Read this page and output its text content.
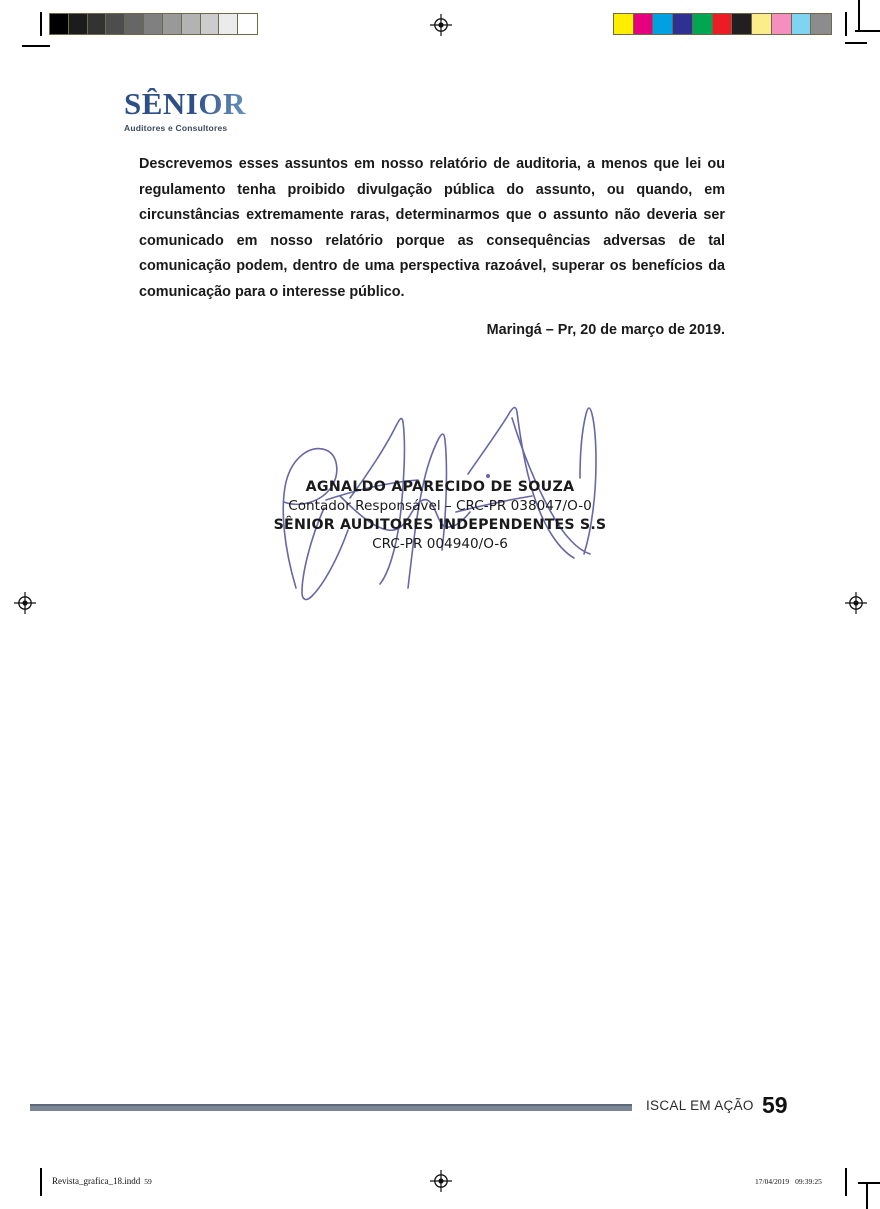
SÊNIOR
Auditores e Consultores
Descrevemos esses assuntos em nosso relatório de auditoria, a menos que lei ou regulamento tenha proibido divulgação pública do assunto, ou quando, em circunstâncias extremamente raras, determinarmos que o assunto não deveria ser comunicado em nosso relatório porque as consequências adversas de tal comunicação podem, dentro de uma perspectiva razoável, superar os benefícios da comunicação para o interesse público.
Maringá – Pr, 20 de março de 2019.
AGNALDO APARECIDO DE SOUZA
Contador Responsável – CRC-PR 038047/O-0
SÊNIOR AUDITORES INDEPENDENTES S.S
CRC-PR 004940/O-6
ISCAL EM AÇÃO 59
Revista_grafica_18.indd 59	17/04/2019 09:39:25
